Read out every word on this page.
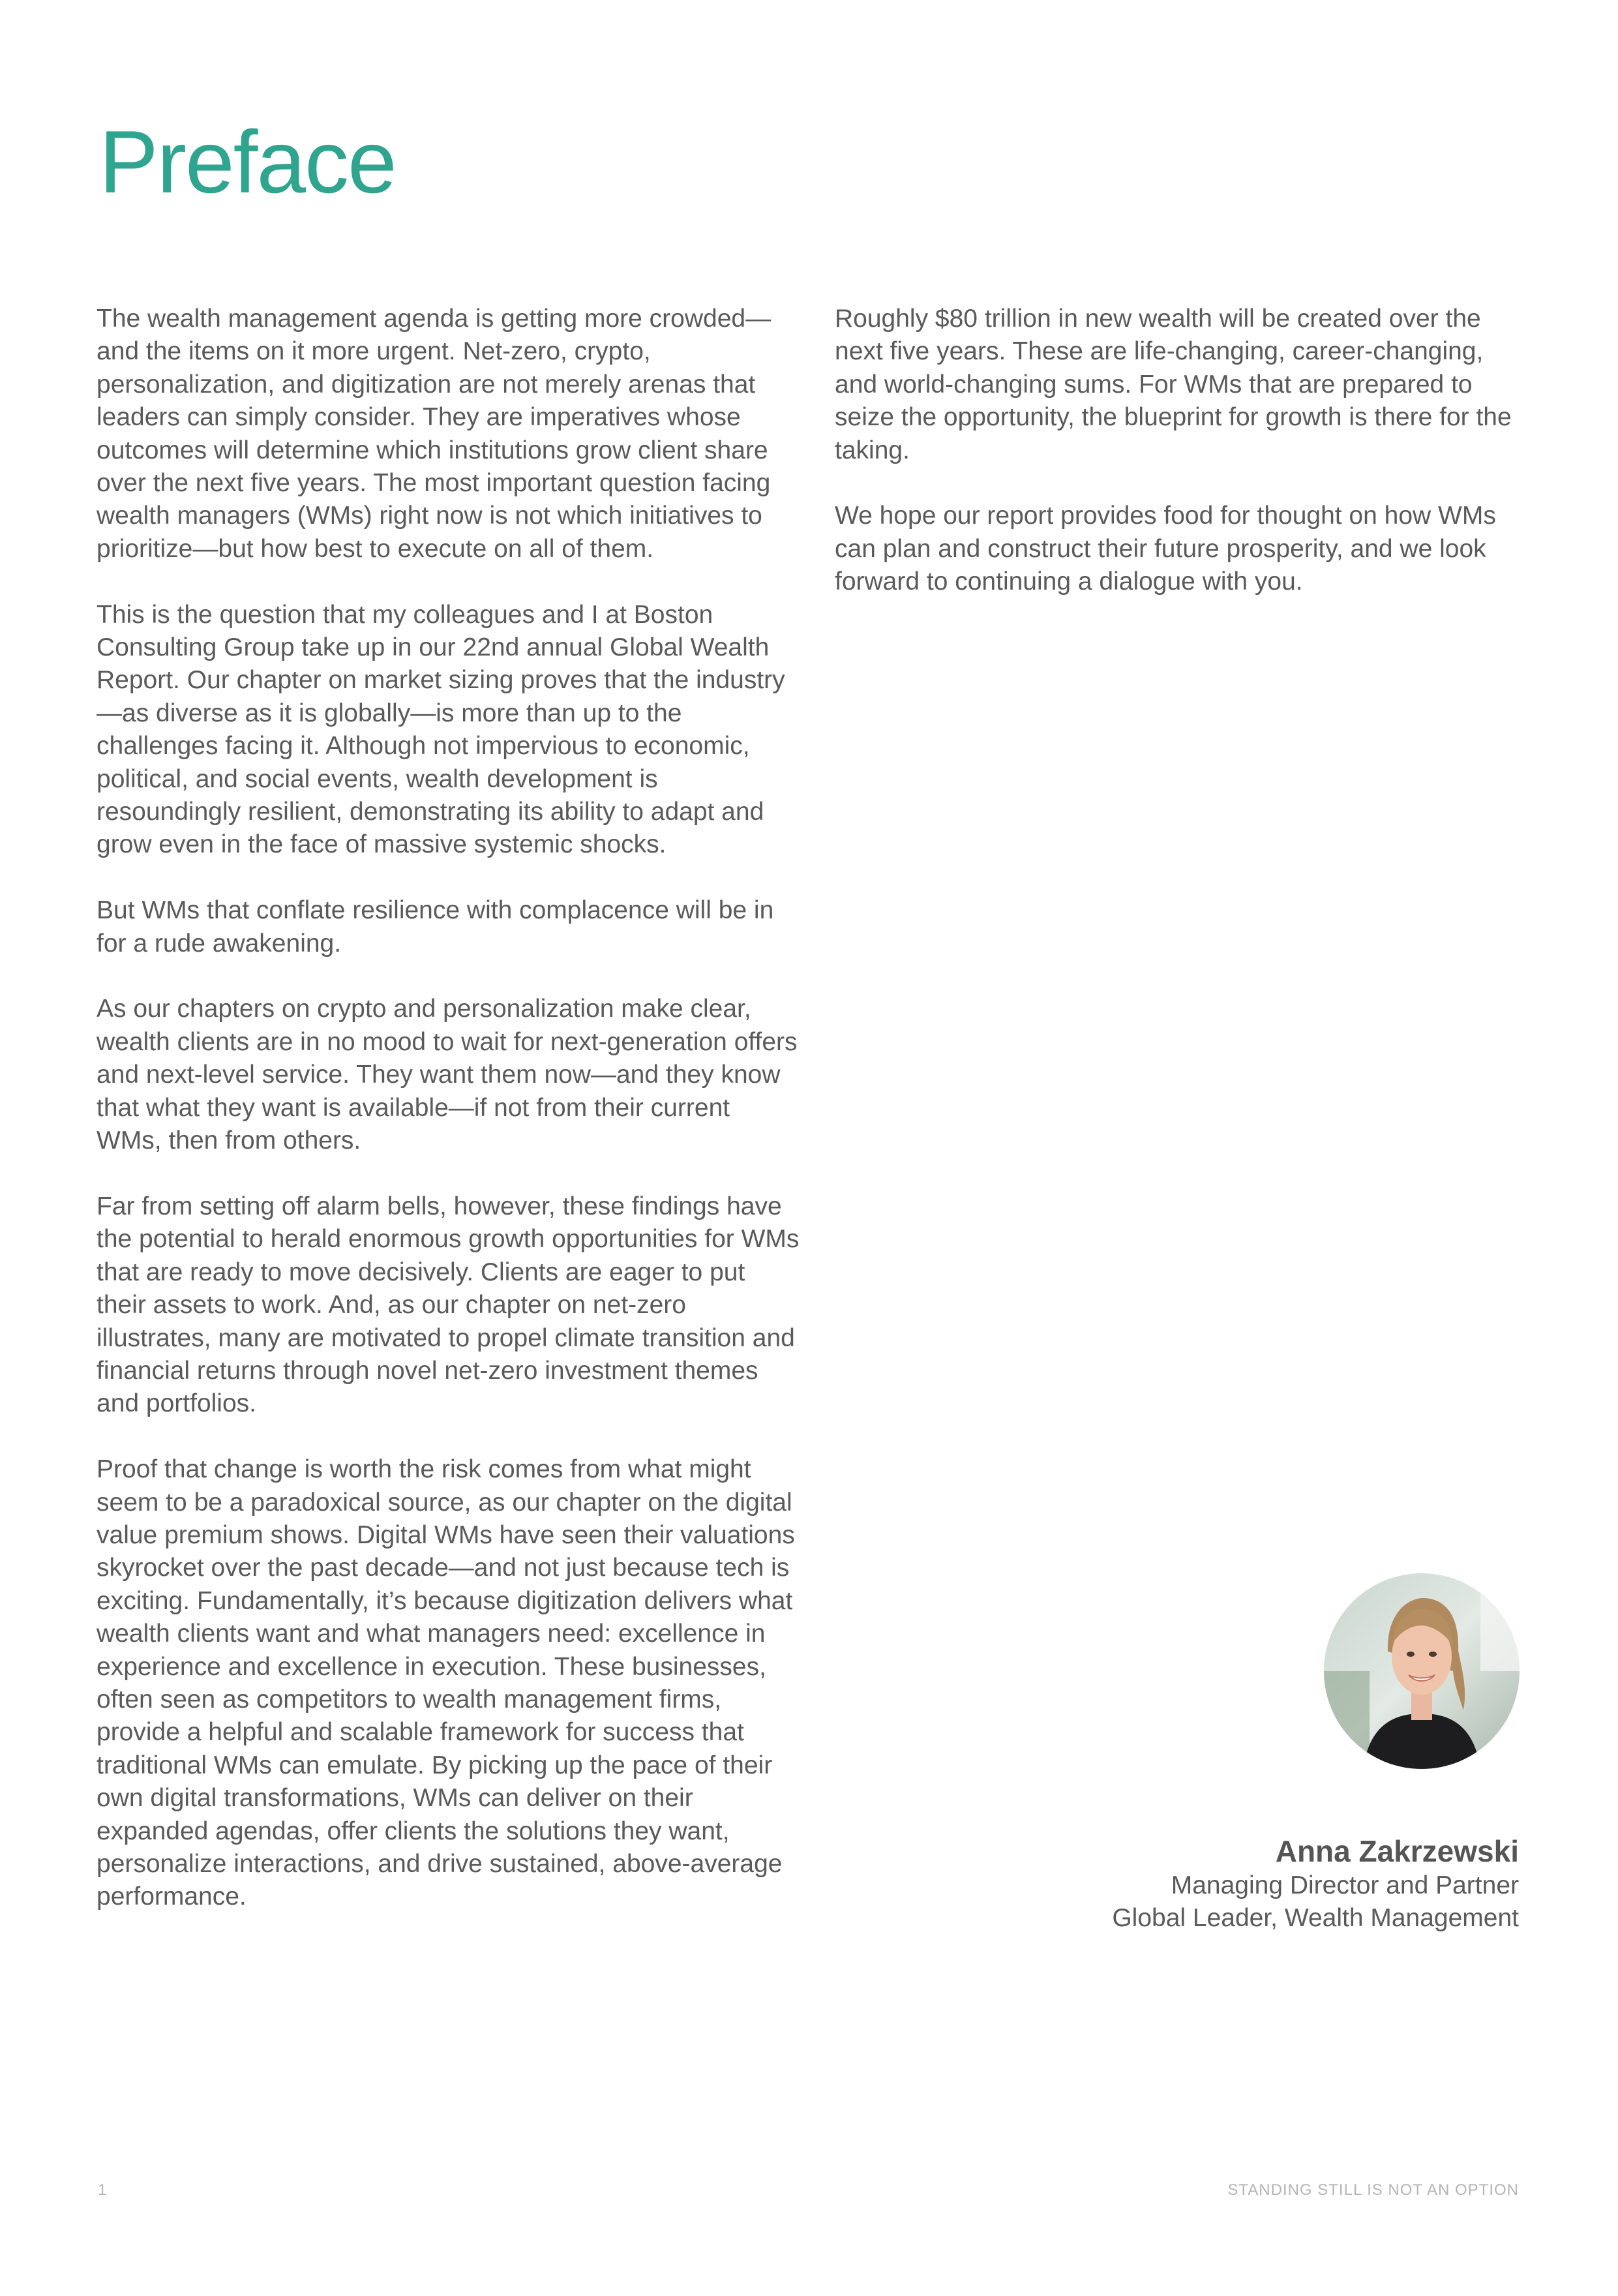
Preface

The wealth management agenda is getting more crowded—and the items on it more urgent. Net-zero, crypto, personalization, and digitization are not merely arenas that leaders can simply consider. They are imperatives whose outcomes will determine which institutions grow client share over the next five years. The most important question facing wealth managers (WMs) right now is not which initiatives to prioritize—but how best to execute on all of them.

This is the question that my colleagues and I at Boston Consulting Group take up in our 22nd annual Global Wealth Report. Our chapter on market sizing proves that the industry—as diverse as it is globally—is more than up to the challenges facing it. Although not impervious to economic, political, and social events, wealth development is resoundingly resilient, demonstrating its ability to adapt and grow even in the face of massive systemic shocks.

But WMs that conflate resilience with complacence will be in for a rude awakening.

As our chapters on crypto and personalization make clear, wealth clients are in no mood to wait for next-generation offers and next-level service. They want them now—and they know that what they want is available—if not from their current WMs, then from others.

Far from setting off alarm bells, however, these findings have the potential to herald enormous growth opportunities for WMs that are ready to move decisively. Clients are eager to put their assets to work. And, as our chapter on net-zero illustrates, many are motivated to propel climate transition and financial returns through novel net-zero investment themes and portfolios.

Proof that change is worth the risk comes from what might seem to be a paradoxical source, as our chapter on the digital value premium shows. Digital WMs have seen their valuations skyrocket over the past decade—and not just because tech is exciting. Fundamentally, it’s because digitization delivers what wealth clients want and what managers need: excellence in experience and excellence in execution. These businesses, often seen as competitors to wealth management firms, provide a helpful and scalable framework for success that traditional WMs can emulate. By picking up the pace of their own digital transformations, WMs can deliver on their expanded agendas, offer clients the solutions they want, personalize interactions, and drive sustained, above-average performance.

Roughly $80 trillion in new wealth will be created over the next five years. These are life-changing, career-changing, and world-changing sums. For WMs that are prepared to seize the opportunity, the blueprint for growth is there for the taking.

We hope our report provides food for thought on how WMs can plan and construct their future prosperity, and we look forward to continuing a dialogue with you.

Anna Zakrzewski
Managing Director and Partner
Global Leader, Wealth Management
1	STANDING STILL IS NOT AN OPTION
